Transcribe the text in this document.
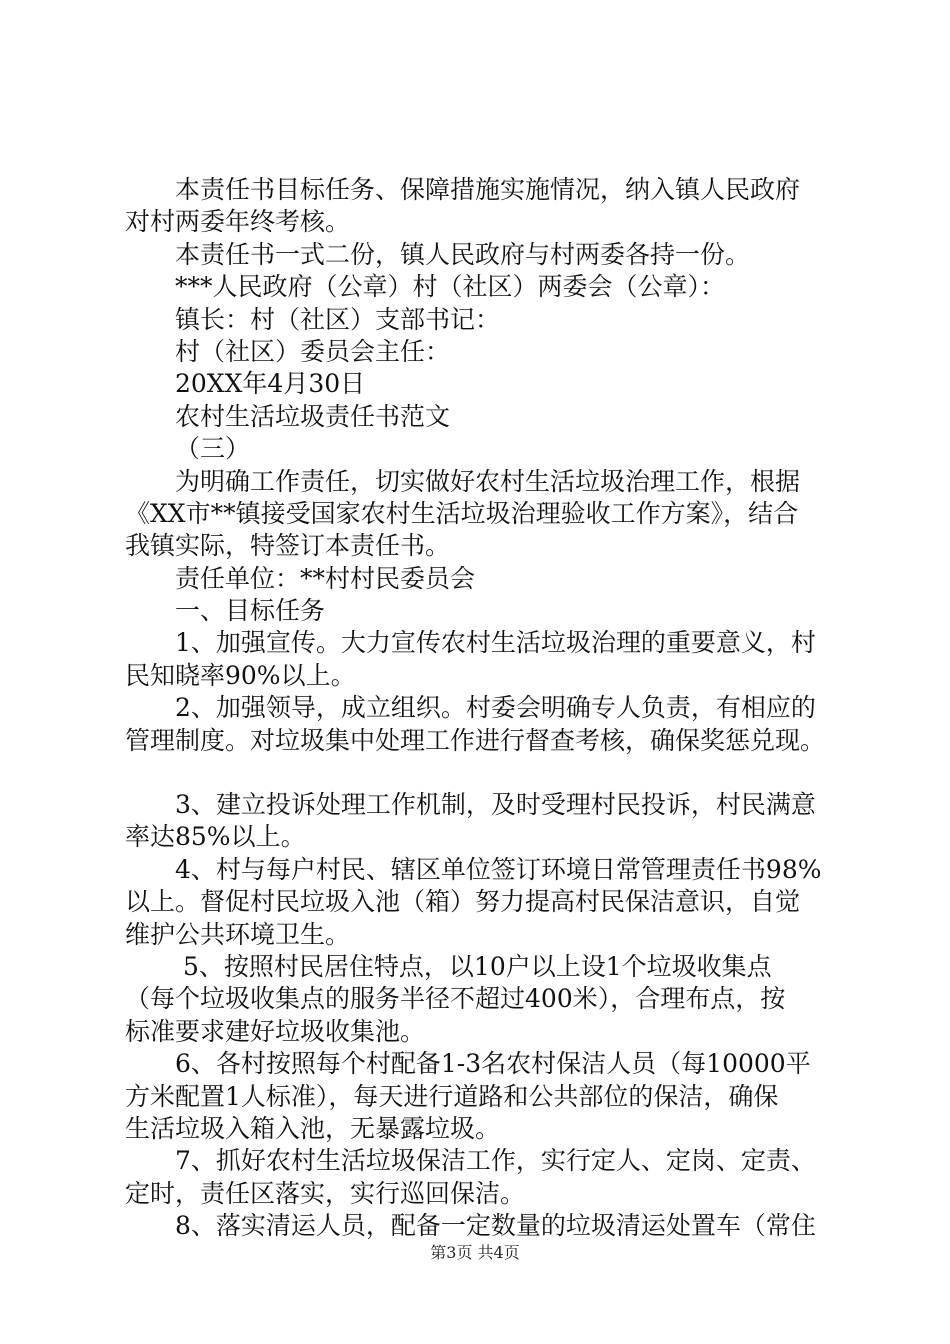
本责任书目标任务、保障措施实施情况，纳入镇人民政府
对村两委年终考核。
本责任书一式二份，镇人民政府与村两委各持一份。
***人民政府（公章）村（社区）两委会（公章）：
镇长：村（社区）支部书记：
村（社区）委员会主任：
20XX年4月30日
农村生活垃圾责任书范文
（三）
为明确工作责任，切实做好农村生活垃圾治理工作，根据
《XX市**镇接受国家农村生活垃圾治理验收工作方案》，结合
我镇实际，特签订本责任书。
责任单位：**村村民委员会
一、目标任务
1、加强宣传。大力宣传农村生活垃圾治理的重要意义，村
民知晓率90%以上。
2、加强领导，成立组织。村委会明确专人负责，有相应的
管理制度。对垃圾集中处理工作进行督查考核，确保奖惩兑现。
3、建立投诉处理工作机制，及时受理村民投诉，村民满意
率达85%以上。
4、村与每户村民、辖区单位签订环境日常管理责任书98%
以上。督促村民垃圾入池（箱）努力提高村民保洁意识，自觉
维护公共环境卫生。
5、按照村民居住特点，以10户以上设1个垃圾收集点
（每个垃圾收集点的服务半径不超过400米），合理布点，按
标准要求建好垃圾收集池。
6、各村按照每个村配备1-3名农村保洁人员（每10000平
方米配置1人标准），每天进行道路和公共部位的保洁，确保
生活垃圾入箱入池，无暴露垃圾。
7、抓好农村生活垃圾保洁工作，实行定人、定岗、定责、
定时，责任区落实，实行巡回保洁。
8、落实清运人员，配备一定数量的垃圾清运处置车（常住
第3页 共4页
